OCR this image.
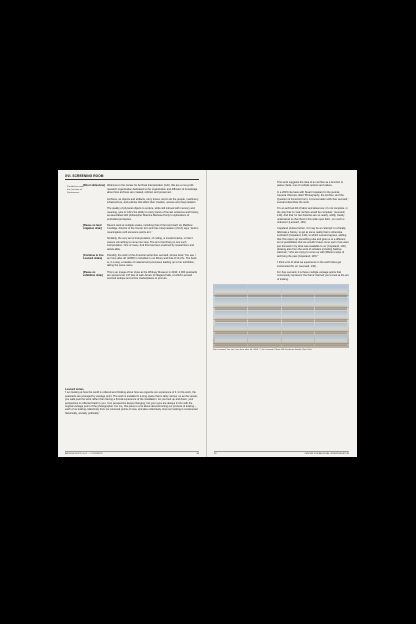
XVI. SCREENING ROOM
The Archive and the Question of Permanence
[Short slideshow] Welcome to the Center for Archival Interpretation (CAI). We are a non-profit research organization dedicated to the organization and diffusion of knowledge about how archives are created, utilized, and preserved.
Archives, as objects and artifacts, carry traces, tied to do the people, machinery, infrastructure, and policies that affect their creation, access and interpretation.
The quality of physical objects to endure, while still imbued with memory and meaning, give to CAI's the ability to carry traces of human existence and history, as associated with philosopher Maurice Merleau-Ponty's explorations of embodied perception.
[Pause on land irrigation slide]
Recent work at multiple scales, including that of the land itself. As Matthew Coolidge, director of the Center for Land Use Interpretation (CLUI) says, 'land is meaningless until someone points at it.'
Similarly, the very act of interpretation, of culling, is transformative, in that it causes something to come into view. The act of archiving is one such interpretation. One of many. And this has been explored by researchers and artists alike.
[Continue to Zoe Leonard slides]
Possibly, the work of the American artist Zoe Leonard, whose book 'You see I am here after all' (2008)' is included in our library and that of CLUI's. The book is, in a way, a treatise of material and processes leading up to her exhibition, taking the same name.
[Pause on exhibition slide]
This is an image of her show at the Whitney Museum in 2010. 4,000 postcards are spread over 147 feet of wall. All are of Niagara Falls, of which Leonard sourced antique and online marketplaces to procure.
Leonard writes,
'I am looking at how the world is ordered and thinking about how we organize our experience of it. In this work, the postcards are arranged by vantage point. The work is installed in a long space that is fairly narrow, so as the viewer, you walk past the work rather than having a frontal experience of the installation. As you look up and down, your perspective is reflected back to you. Your perspective keeps changing, but your eyes are always in line with the original vantage point of the photographer. For me, this piece is a lot about deconstructing our process of looking – each of us looking collectively from our personal points of view, and also collectively. How our looking is constructed historically, socially, politically.'
ARCHIVE BOOK Vol 2 — CONTENTS	88

This work suggests the idea of an archive as a function or passe (Jetta, one of multiple options and values.

In a 2015 interview with Stuart Copeland in the journal, Camera Obscura, titled 'Photography, the Archive, and the Question of Feminist Form: A Conversation with Zoe Leonard,' Leonard describes the work.

'It's an archival bill of labor and absences; it's not complete, in the way that no 'real' archive would be complete.' (Leonard, 140). And that 'no two histories are so nearly, wildly, clearly understood so that there's this wide open field - so much is unknown' (Leonard, 149).

Copeland probes further, if it may be an 'attempt' to critically fabricate a history, to get at some reality that is otherwise excluded' (Copeland, 140), to which Leonard agrees, adding that 'this opens up something else and gets us to a different set of possibilities that we wouldn't have come upon if we were just focused in by what was available to us' (Copeland, 146), drawing also from the work of scholars including Saidiya Hartman,* who are trying to come up with different ways of archiving the past (Copeland, 145).*

'I think a lot of what we experience in the world does get constructed for us' (Leonard, 149).

For Zoe Leonard, it is these multiple vantage points that consciously represent 'the frame' that led you to look at the act of looking.

Zoe Leonard, You see I am here after all, 2008. © the Leonard. Photo: Bill Jacobson Studio, New York.
89	CENTER FOR ARCHIVAL INTERPRETATION
